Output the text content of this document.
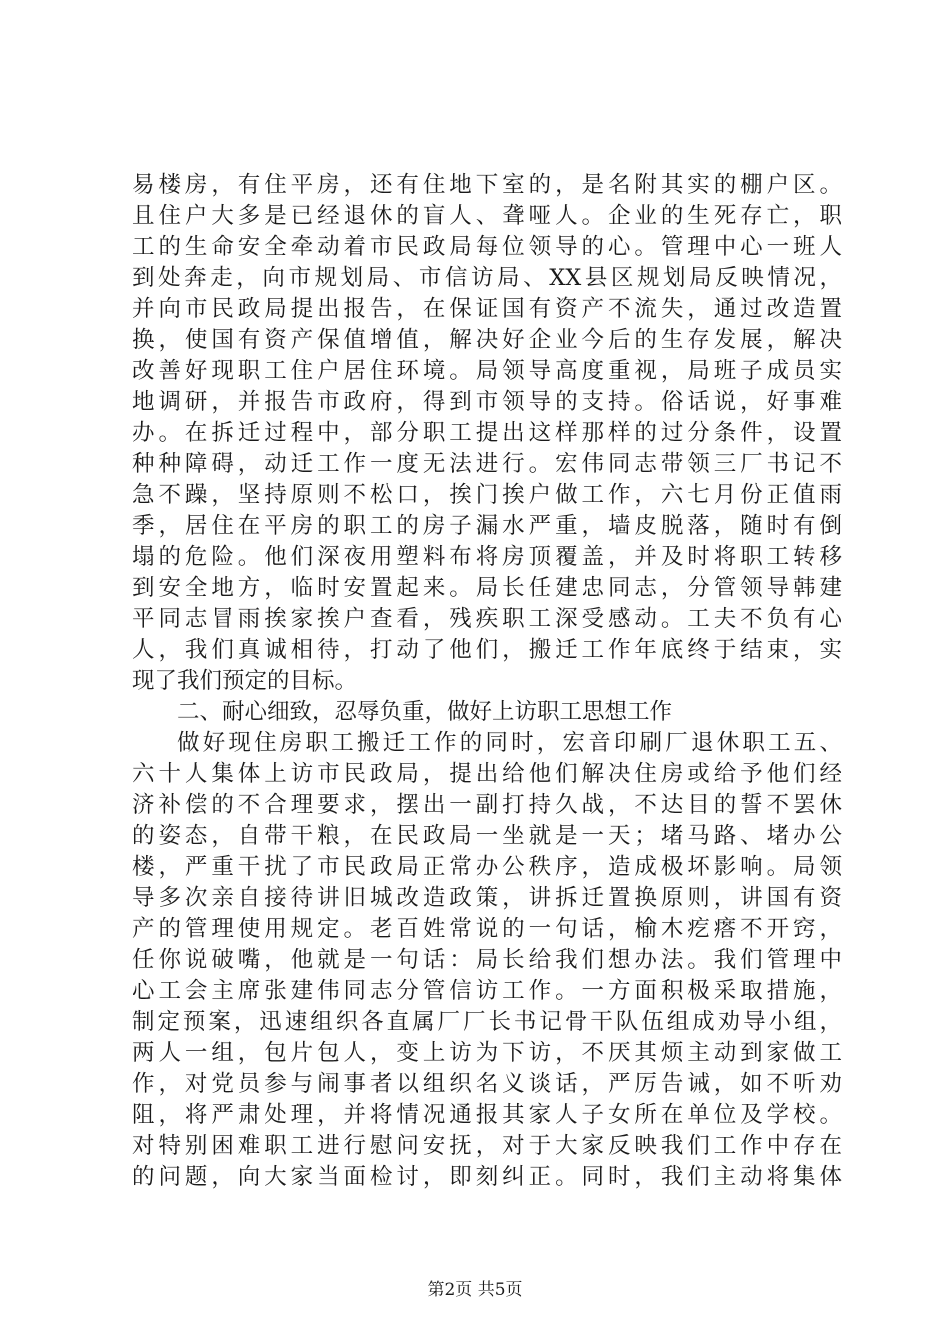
易楼房，有住平房，还有住地下室的，是名附其实的棚户区。
且住户大多是已经退休的盲人、聋哑人。企业的生死存亡，职
工的生命安全牵动着市民政局每位领导的心。管理中心一班人
到处奔走，向市规划局、市信访局、XX县区规划局反映情况，
并向市民政局提出报告，在保证国有资产不流失，通过改造置
换，使国有资产保值增值，解决好企业今后的生存发展，解决
改善好现职工住户居住环境。局领导高度重视，局班子成员实
地调研，并报告市政府，得到市领导的支持。俗话说，好事难
办。在拆迁过程中，部分职工提出这样那样的过分条件，设置
种种障碍，动迁工作一度无法进行。宏伟同志带领三厂书记不
急不躁，坚持原则不松口，挨门挨户做工作，六七月份正值雨
季，居住在平房的职工的房子漏水严重，墙皮脱落，随时有倒
塌的危险。他们深夜用塑料布将房顶覆盖，并及时将职工转移
到安全地方，临时安置起来。局长任建忠同志，分管领导韩建
平同志冒雨挨家挨户查看，残疾职工深受感动。工夫不负有心
人，我们真诚相待，打动了他们，搬迁工作年底终于结束，实
现了我们预定的目标。
二、耐心细致，忍辱负重，做好上访职工思想工作
做好现住房职工搬迁工作的同时，宏音印刷厂退休职工五、
六十人集体上访市民政局，提出给他们解决住房或给予他们经
济补偿的不合理要求，摆出一副打持久战，不达目的誓不罢休
的姿态，自带干粮，在民政局一坐就是一天；堵马路、堵办公
楼，严重干扰了市民政局正常办公秩序，造成极坏影响。局领
导多次亲自接待讲旧城改造政策，讲拆迁置换原则，讲国有资
产的管理使用规定。老百姓常说的一句话，榆木疙瘩不开窍，
任你说破嘴，他就是一句话：局长给我们想办法。我们管理中
心工会主席张建伟同志分管信访工作。一方面积极采取措施，
制定预案，迅速组织各直属厂厂长书记骨干队伍组成劝导小组，
两人一组，包片包人，变上访为下访，不厌其烦主动到家做工
作，对党员参与闹事者以组织名义谈话，严厉告诫，如不听劝
阻，将严肃处理，并将情况通报其家人子女所在单位及学校。
对特别困难职工进行慰问安抚，对于大家反映我们工作中存在
的问题，向大家当面检讨，即刻纠正。同时，我们主动将集体
第2页 共5页
